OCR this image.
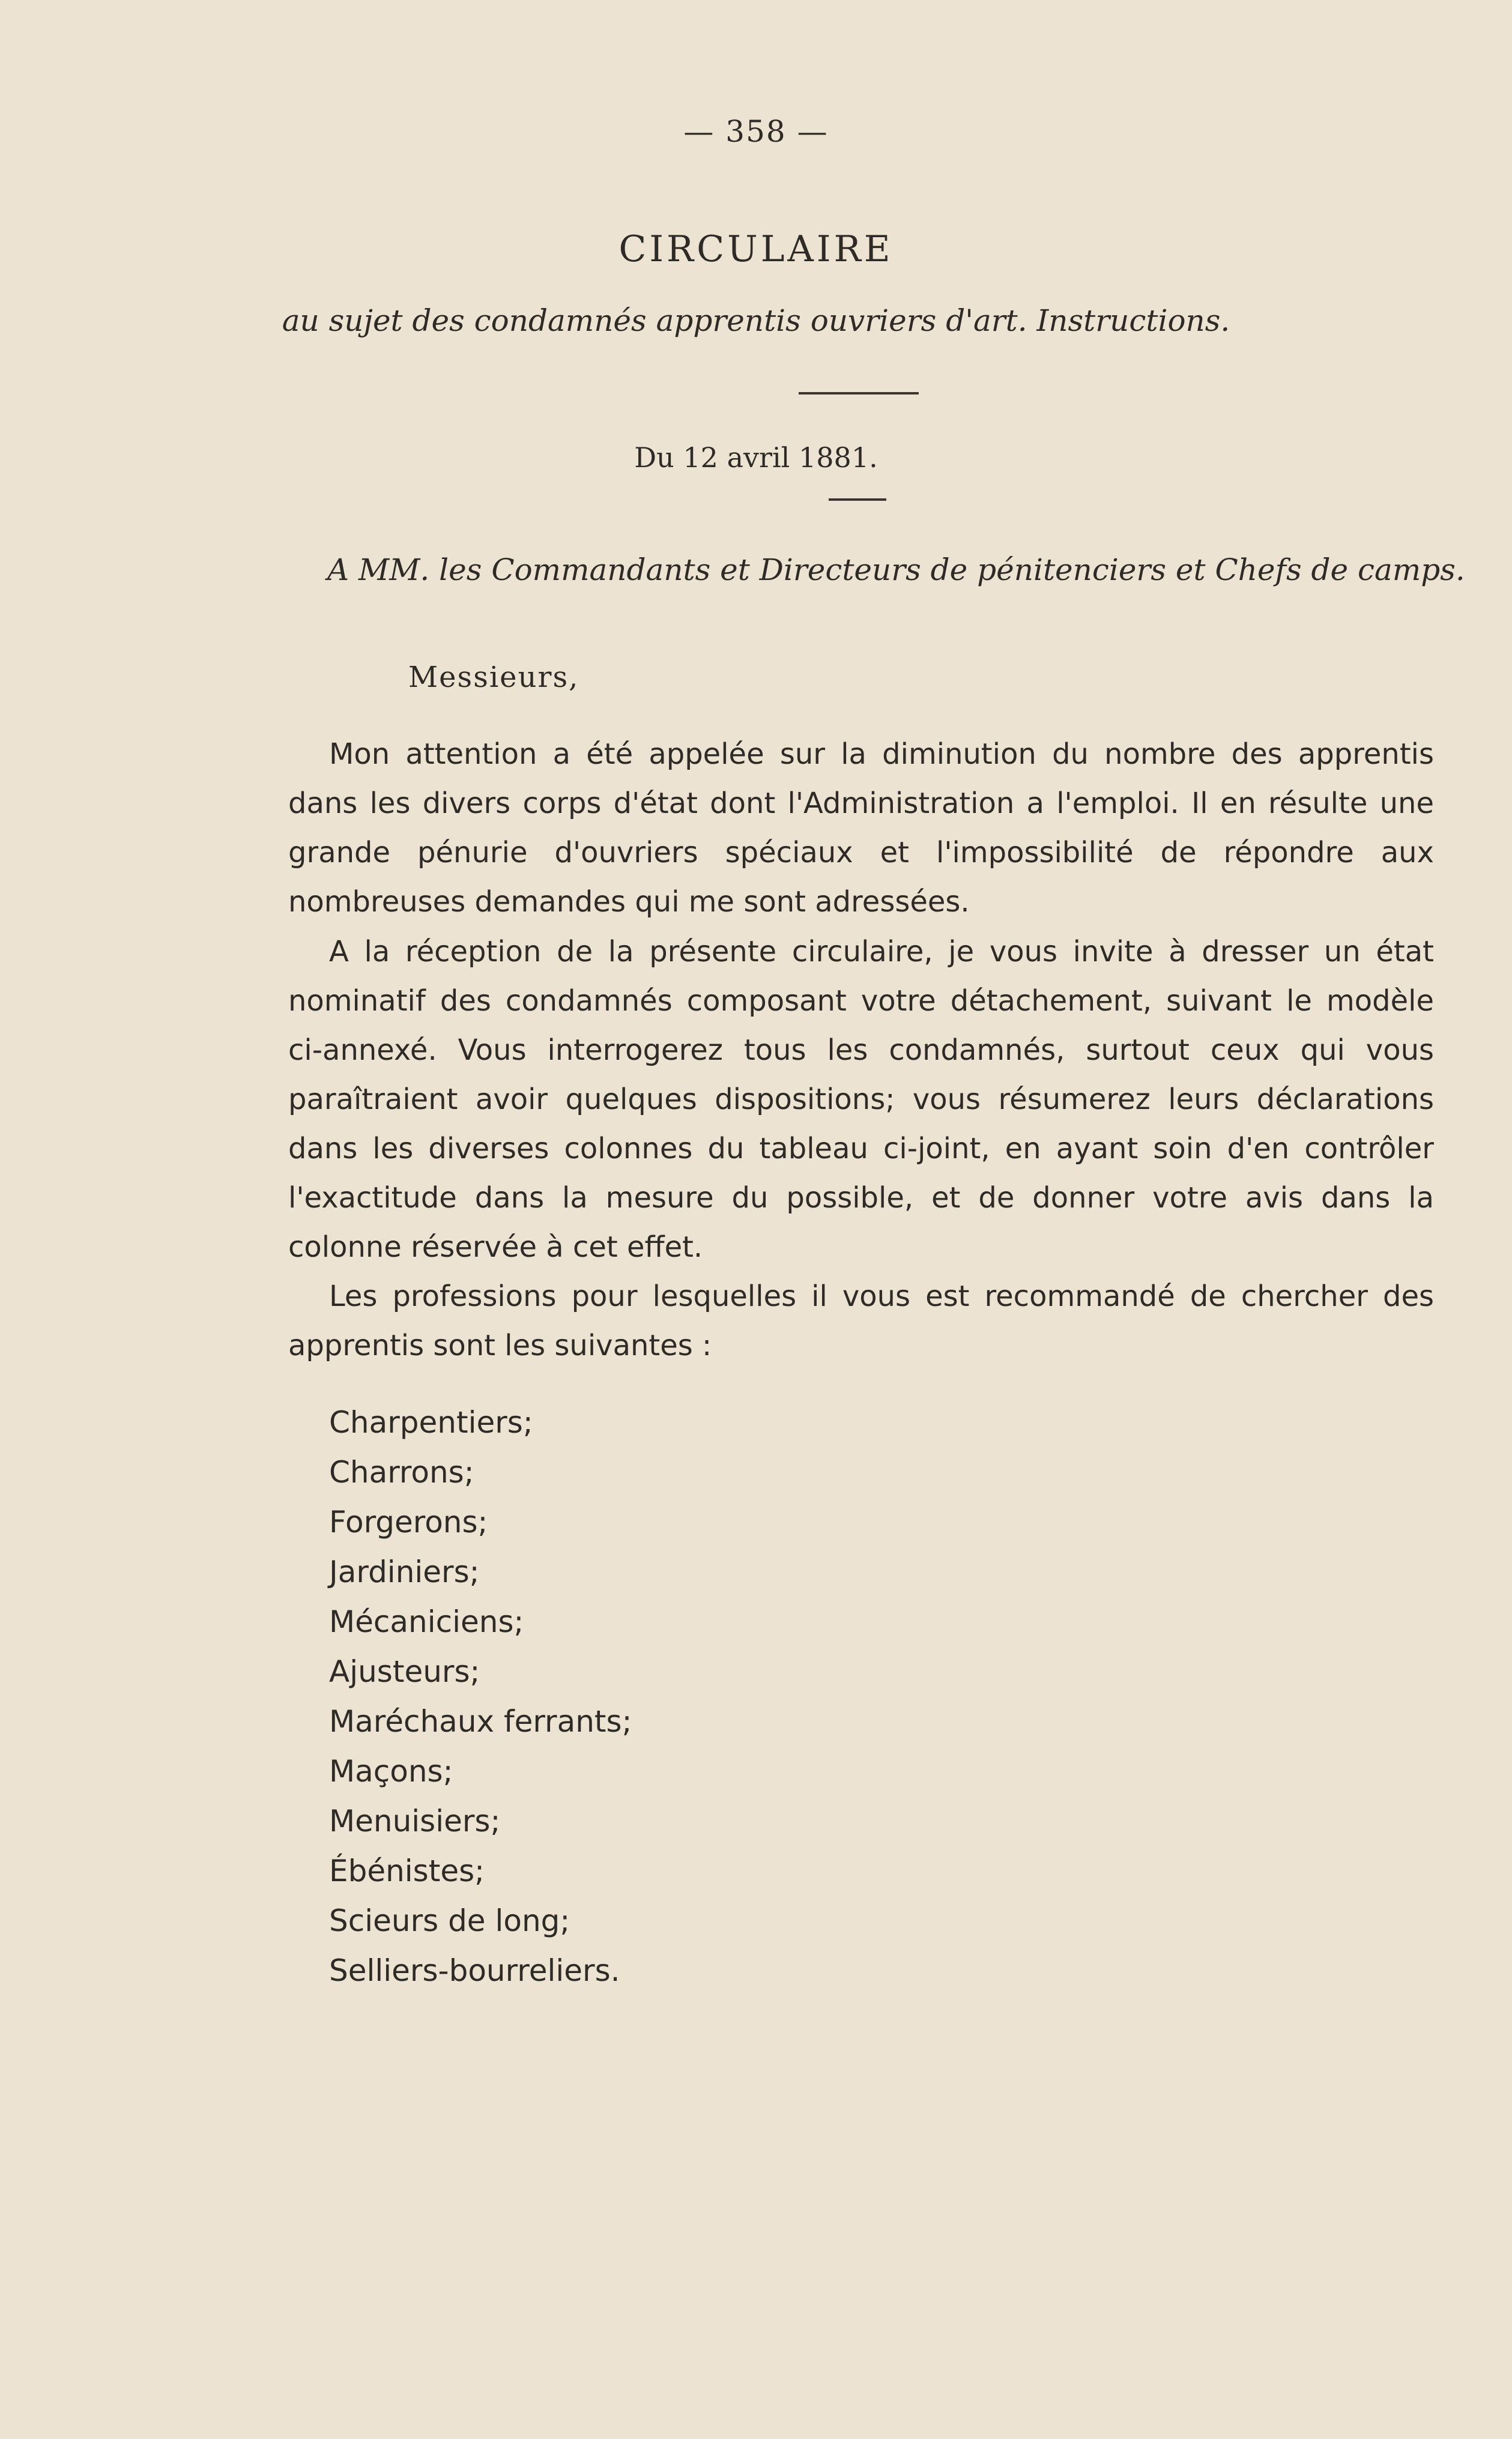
— 358 —
CIRCULAIRE
au sujet des condamnés apprentis ouvriers d'art. Instructions.
Du 12 avril 1881.
A MM. les Commandants et Directeurs de pénitenciers et Chefs de camps.
Messieurs,

Mon attention a été appelée sur la diminution du nombre des apprentis dans les divers corps d'état dont l'Administration a l'emploi. Il en résulte une grande pénurie d'ouvriers spéciaux et l'impossibilité de répondre aux nombreuses demandes qui me sont adressées.

A la réception de la présente circulaire, je vous invite à dresser un état nominatif des condamnés composant votre détachement, suivant le modèle ci-annexé. Vous interrogerez tous les condamnés, surtout ceux qui vous paraîtraient avoir quelques dispositions; vous résumerez leurs déclarations dans les diverses colonnes du tableau ci-joint, en ayant soin d'en contrôler l'exactitude dans la mesure du possible, et de donner votre avis dans la colonne réservée à cet effet.

Les professions pour lesquelles il vous est recommandé de chercher des apprentis sont les suivantes :

Charpentiers;
Charrons;
Forgerons;
Jardiniers;
Mécaniciens;
Ajusteurs;
Maréchaux ferrants;
Maçons;
Menuisiers;
Ébénistes;
Scieurs de long;
Selliers-bourreliers.
